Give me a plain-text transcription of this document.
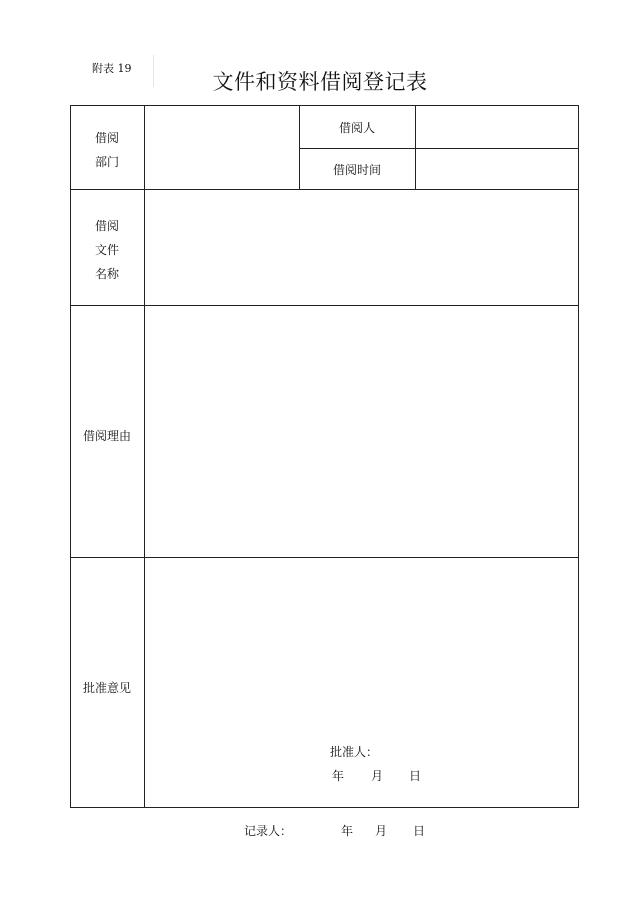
附表 19
文件和资料借阅登记表
借阅
部门
借阅人
借阅时间
借阅
文件
名称
借阅理由
批准意见
批准人：
年 月 日
记录人：	年 月 日
